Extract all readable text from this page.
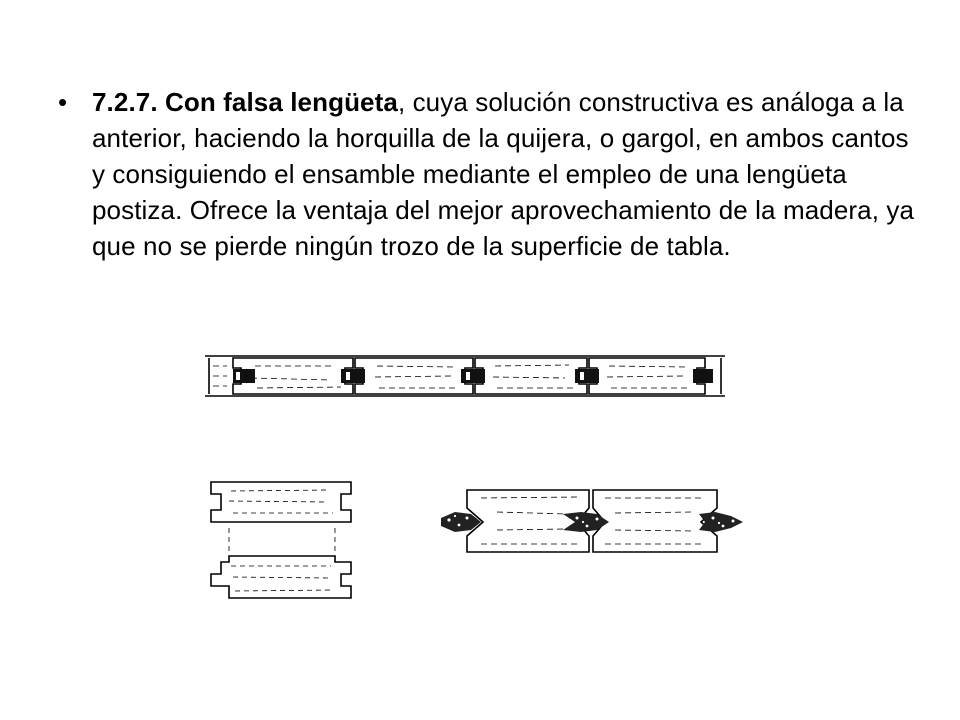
• 7.2.7. Con falsa lengüeta, cuya solución constructiva es análoga a la anterior, haciendo la horquilla de la quijera, o gargol, en ambos cantos y consiguiendo el ensamble mediante el empleo de una lengüeta postiza. Ofrece la ventaja del mejor aprovechamiento de la madera, ya que no se pierde ningún trozo de la superficie de tabla.
